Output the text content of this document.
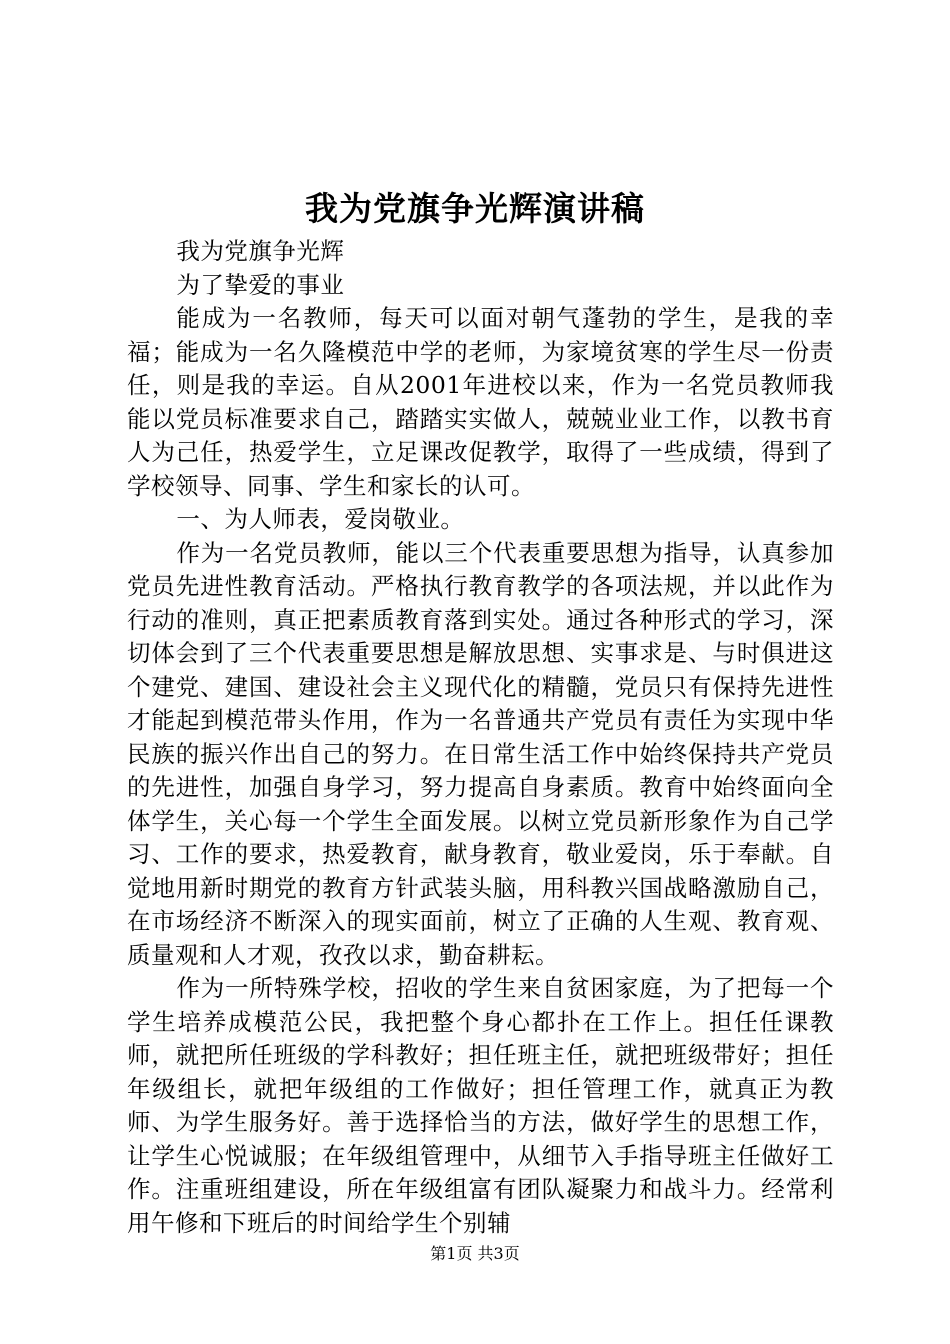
我为党旗争光辉演讲稿

我为党旗争光辉

为了挚爱的事业

能成为一名教师，每天可以面对朝气蓬勃的学生，是我的幸福；能成为一名久隆模范中学的老师，为家境贫寒的学生尽一份责任，则是我的幸运。自从2001年进校以来，作为一名党员教师我能以党员标准要求自己，踏踏实实做人，兢兢业业工作，以教书育人为己任，热爱学生，立足课改促教学，取得了一些成绩，得到了学校领导、同事、学生和家长的认可。

一、为人师表，爱岗敬业。

作为一名党员教师，能以三个代表重要思想为指导，认真参加党员先进性教育活动。严格执行教育教学的各项法规，并以此作为行动的准则，真正把素质教育落到实处。通过各种形式的学习，深切体会到了三个代表重要思想是解放思想、实事求是、与时俱进这个建党、建国、建设社会主义现代化的精髓，党员只有保持先进性才能起到模范带头作用，作为一名普通共产党员有责任为实现中华民族的振兴作出自己的努力。在日常生活工作中始终保持共产党员的先进性，加强自身学习，努力提高自身素质。教育中始终面向全体学生，关心每一个学生全面发展。以树立党员新形象作为自己学习、工作的要求，热爱教育，献身教育，敬业爱岗，乐于奉献。自觉地用新时期党的教育方针武装头脑，用科教兴国战略激励自己，在市场经济不断深入的现实面前，树立了正确的人生观、教育观、质量观和人才观，孜孜以求，勤奋耕耘。

作为一所特殊学校，招收的学生来自贫困家庭，为了把每一个学生培养成模范公民，我把整个身心都扑在工作上。担任任课教师，就把所任班级的学科教好；担任班主任，就把班级带好；担任年级组长，就把年级组的工作做好；担任管理工作，就真正为教师、为学生服务好。善于选择恰当的方法，做好学生的思想工作，让学生心悦诚服；在年级组管理中，从细节入手指导班主任做好工作。注重班组建设，所在年级组富有团队凝聚力和战斗力。经常利用午修和下班后的时间给学生个别辅

第1页 共3页
